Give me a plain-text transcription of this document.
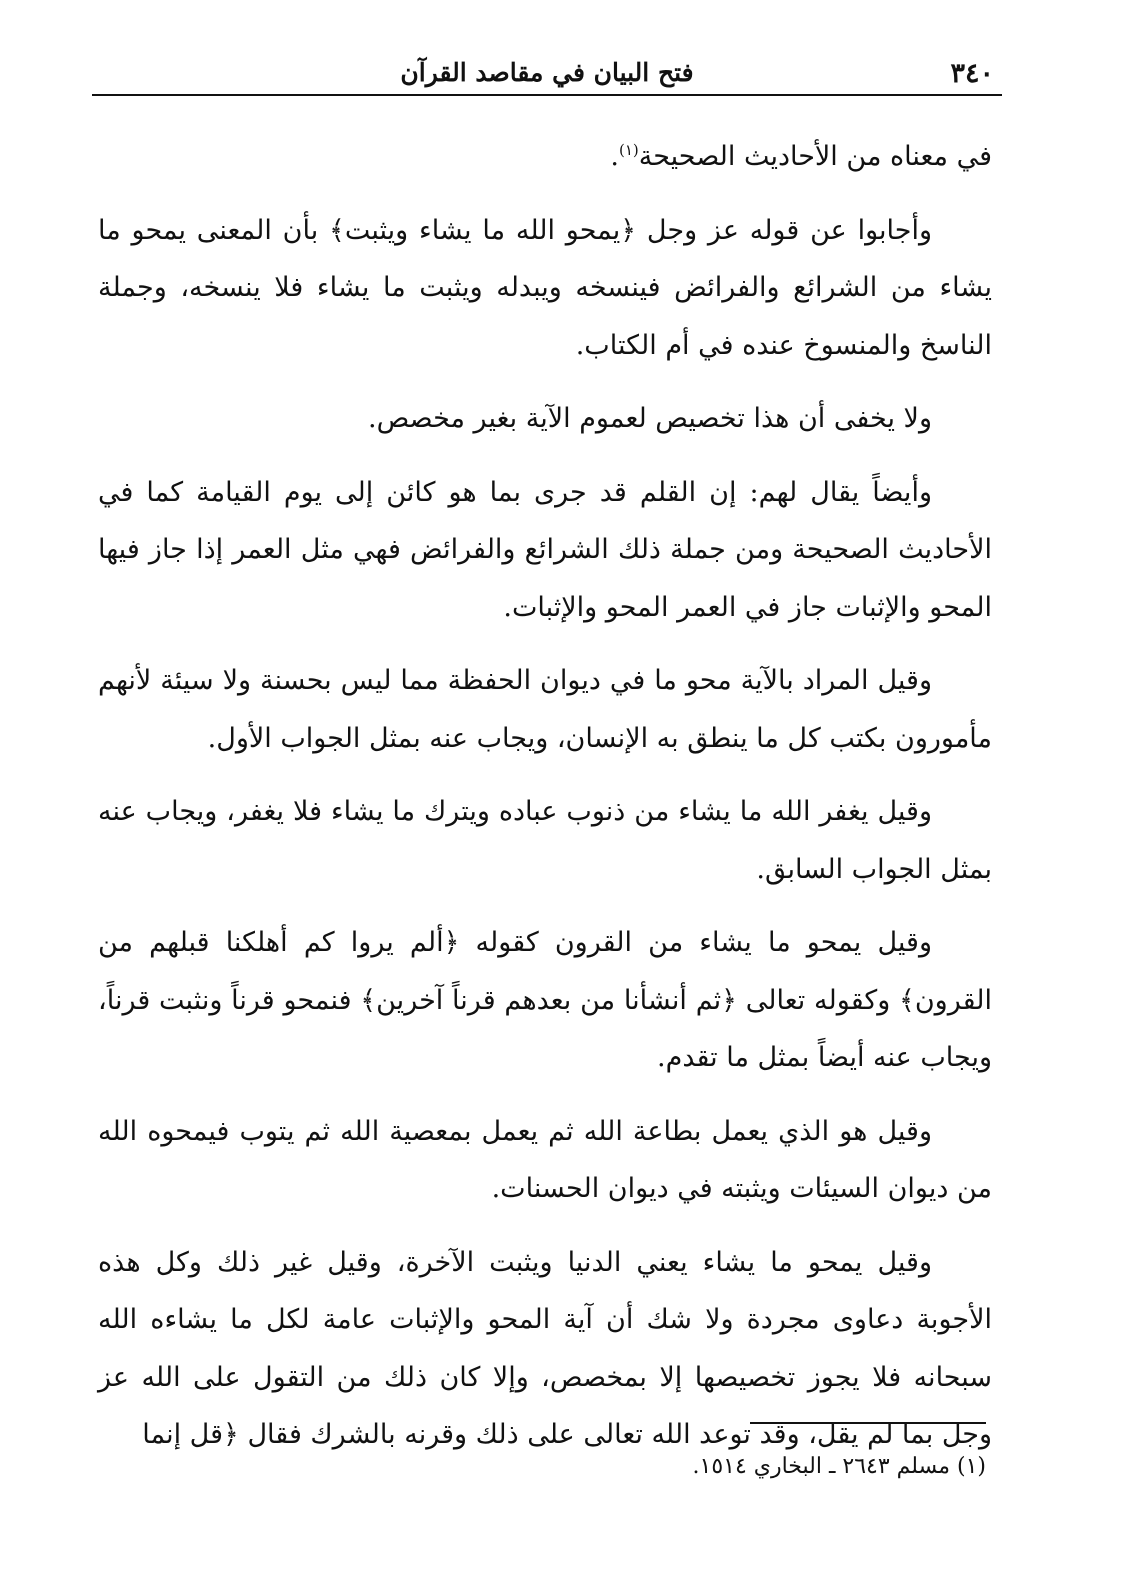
٣٤٠
فتح البيان في مقاصد القرآن

في معناه من الأحاديث الصحيحة$^{(١)}$.

وأجابوا عن قوله عز وجل ﴿يمحو الله ما يشاء ويثبت﴾ بأن المعنى يمحو ما يشاء من الشرائع والفرائض فينسخه ويبدله ويثبت ما يشاء فلا ينسخه، وجملة الناسخ والمنسوخ عنده في أم الكتاب.

ولا يخفى أن هذا تخصيص لعموم الآية بغير مخصص.

وأيضاً يقال لهم: إن القلم قد جرى بما هو كائن إلى يوم القيامة كما في الأحاديث الصحيحة ومن جملة ذلك الشرائع والفرائض فهي مثل العمر إذا جاز فيها المحو والإثبات جاز في العمر المحو والإثبات.

وقيل المراد بالآية محو ما في ديوان الحفظة مما ليس بحسنة ولا سيئة لأنهم مأمورون بكتب كل ما ينطق به الإنسان، ويجاب عنه بمثل الجواب الأول.

وقيل يغفر الله ما يشاء من ذنوب عباده ويترك ما يشاء فلا يغفر، ويجاب عنه بمثل الجواب السابق.

وقيل يمحو ما يشاء من القرون كقوله ﴿ألم يروا كم أهلكنا قبلهم من القرون﴾ وكقوله تعالى ﴿ثم أنشأنا من بعدهم قرناً آخرين﴾ فنمحو قرناً ونثبت قرناً، ويجاب عنه أيضاً بمثل ما تقدم.

وقيل هو الذي يعمل بطاعة الله ثم يعمل بمعصية الله ثم يتوب فيمحوه الله من ديوان السيئات ويثبته في ديوان الحسنات.

وقيل يمحو ما يشاء يعني الدنيا ويثبت الآخرة، وقيل غير ذلك وكل هذه الأجوبة دعاوى مجردة ولا شك أن آية المحو والإثبات عامة لكل ما يشاءه الله سبحانه فلا يجوز تخصيصها إلا بمخصص، وإلا كان ذلك من التقول على الله عز وجل بما لم يقل، وقد توعد الله تعالى على ذلك وقرنه بالشرك فقال ﴿قل إنما

(١) مسلم ٢٦٤٣ ـ البخاري ١٥١٤.
